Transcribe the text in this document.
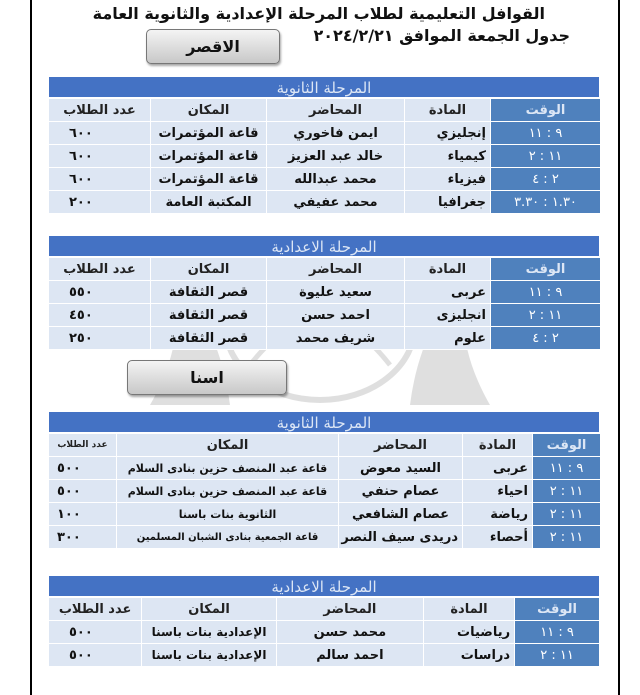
القوافل التعليمية لطلاب المرحلة الإعدادية والثانوية العامة
جدول الجمعة الموافق ٢٠٢٤/٢/٢١
الاقصر
المرحلة الثانوية
الوقت	المادة	المحاضر	المكان	عدد الطلاب
٩ : ١١	إنجليزي	ايمن فاخوري	قاعة المؤتمرات	٦٠٠
١١ : ٢	كيمياء	خالد عبد العزيز	قاعة المؤتمرات	٦٠٠
٢ : ٤	فيزياء	محمد عبدالله	قاعة المؤتمرات	٦٠٠
١.٣٠ : ٣.٣٠	جغرافيا	محمد عفيفي	المكتبة العامة	٢٠٠
المرحلة الاعدادية
الوقت	المادة	المحاضر	المكان	عدد الطلاب
٩ : ١١	عربى	سعيد عليوة	قصر الثقافة	٥٥٠
١١ : ٢	انجليزى	احمد حسن	قصر الثقافة	٤٥٠
٢ : ٤	علوم	شريف محمد	قصر الثقافة	٢٥٠
اسنا
المرحلة الثانوية
الوقت	المادة	المحاضر	المكان	عدد الطلاب
٩ : ١١	عربى	السيد معوض	قاعة عبد المنصف حزين بنادى السلام	٥٠٠
١١ : ٢	احياء	عصام حنفي	قاعة عبد المنصف حزين بنادى السلام	٥٠٠
١١ : ٢	رياضة	عصام الشافعي	الثانوية بنات باسنا	١٠٠
١١ : ٢	أحصاء	دريدى سيف النصر	قاعة الجمعية بنادى الشبان المسلمين	٣٠٠
المرحلة الاعدادية
الوقت	المادة	المحاضر	المكان	عدد الطلاب
٩ : ١١	رياضيات	محمد حسن	الإعدادية بنات باسنا	٥٠٠
١١ : ٢	دراسات	احمد سالم	الإعدادية بنات باسنا	٥٠٠
